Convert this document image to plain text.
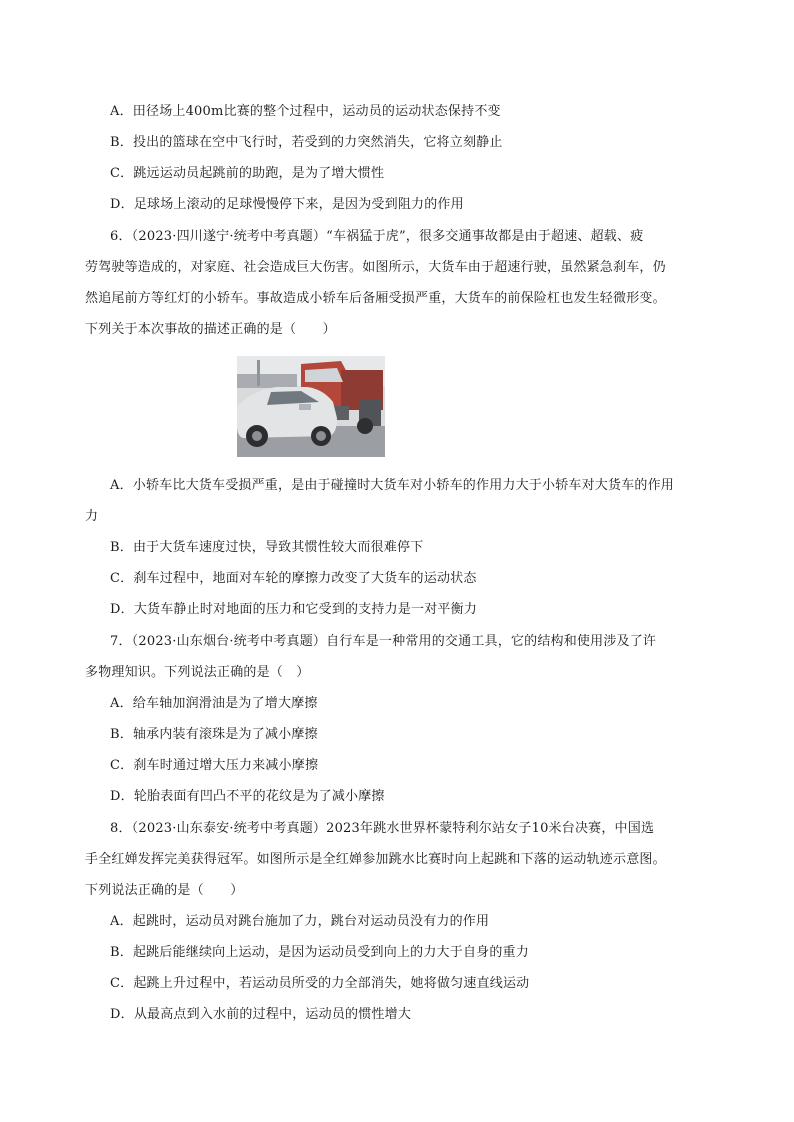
A．田径场上400m比赛的整个过程中，运动员的运动状态保持不变
B．投出的篮球在空中飞行时，若受到的力突然消失，它将立刻静止
C．跳远运动员起跳前的助跑，是为了增大惯性
D．足球场上滚动的足球慢慢停下来，是因为受到阻力的作用
6．（2023·四川遂宁·统考中考真题）“车祸猛于虎”，很多交通事故都是由于超速、超载、疲
劳驾驶等造成的，对家庭、社会造成巨大伤害。如图所示，大货车由于超速行驶，虽然紧急刹车，仍
然追尾前方等红灯的小轿车。事故造成小轿车后备厢受损严重，大货车的前保险杠也发生轻微形变。
下列关于本次事故的描述正确的是（　　）
A．小轿车比大货车受损严重，是由于碰撞时大货车对小轿车的作用力大于小轿车对大货车的作用
力
B．由于大货车速度过快，导致其惯性较大而很难停下
C．刹车过程中，地面对车轮的摩擦力改变了大货车的运动状态
D．大货车静止时对地面的压力和它受到的支持力是一对平衡力
7．（2023·山东烟台·统考中考真题）自行车是一种常用的交通工具，它的结构和使用涉及了许
多物理知识。下列说法正确的是（　）
A．给车轴加润滑油是为了增大摩擦
B．轴承内装有滚珠是为了减小摩擦
C．刹车时通过增大压力来减小摩擦
D．轮胎表面有凹凸不平的花纹是为了减小摩擦
8．（2023·山东泰安·统考中考真题）2023年跳水世界杯蒙特利尔站女子10米台决赛，中国选
手全红婵发挥完美获得冠军。如图所示是全红婵参加跳水比赛时向上起跳和下落的运动轨迹示意图。
下列说法正确的是（　　）
A．起跳时，运动员对跳台施加了力，跳台对运动员没有力的作用
B．起跳后能继续向上运动，是因为运动员受到向上的力大于自身的重力
C．起跳上升过程中，若运动员所受的力全部消失，她将做匀速直线运动
D．从最高点到入水前的过程中，运动员的惯性增大
